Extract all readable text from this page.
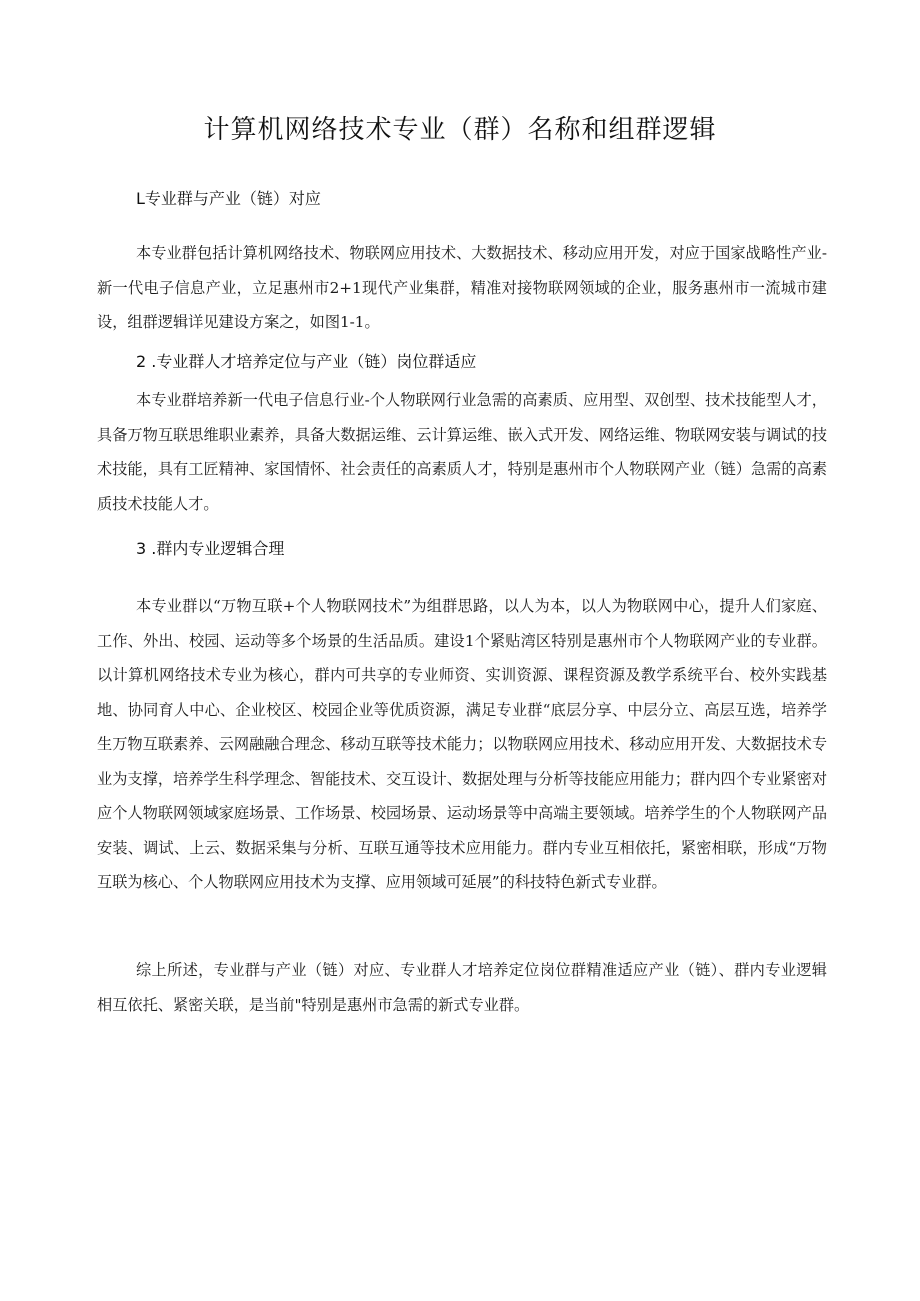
计算机网络技术专业（群）名称和组群逻辑
L专业群与产业（链）对应

本专业群包括计算机网络技术、物联网应用技术、大数据技术、移动应用开发，对应于国家战略性产业-新一代电子信息产业，立足惠州市2+1现代产业集群，精准对接物联网领域的企业，服务惠州市一流城市建设，组群逻辑详见建设方案之，如图1-1。

2 .专业群人才培养定位与产业（链）岗位群适应

本专业群培养新一代电子信息行业-个人物联网行业急需的高素质、应用型、双创型、技术技能型人才，具备万物互联思维职业素养，具备大数据运维、云计算运维、嵌入式开发、网络运维、物联网安装与调试的技术技能，具有工匠精神、家国情怀、社会责任的高素质人才，特别是惠州市个人物联网产业（链）急需的高素质技术技能人才。

3 .群内专业逻辑合理

本专业群以“万物互联+个人物联网技术”为组群思路，以人为本，以人为物联网中心，提升人们家庭、工作、外出、校园、运动等多个场景的生活品质。建设1个紧贴湾区特别是惠州市个人物联网产业的专业群。以计算机网络技术专业为核心，群内可共享的专业师资、实训资源、课程资源及教学系统平台、校外实践基地、协同育人中心、企业校区、校园企业等优质资源，满足专业群“底层分享、中层分立、高层互选，培养学生万物互联素养、云网融融合理念、移动互联等技术能力；以物联网应用技术、移动应用开发、大数据技术专业为支撑，培养学生科学理念、智能技术、交互设计、数据处理与分析等技能应用能力；群内四个专业紧密对应个人物联网领域家庭场景、工作场景、校园场景、运动场景等中高端主要领域。培养学生的个人物联网产品安装、调试、上云、数据采集与分析、互联互通等技术应用能力。群内专业互相依托，紧密相联，形成“万物互联为核心、个人物联网应用技术为支撑、应用领域可延展”的科技特色新式专业群。

综上所述，专业群与产业（链）对应、专业群人才培养定位岗位群精准适应产业（链）、群内专业逻辑相互依托、紧密关联，是当前"特别是惠州市急需的新式专业群。
